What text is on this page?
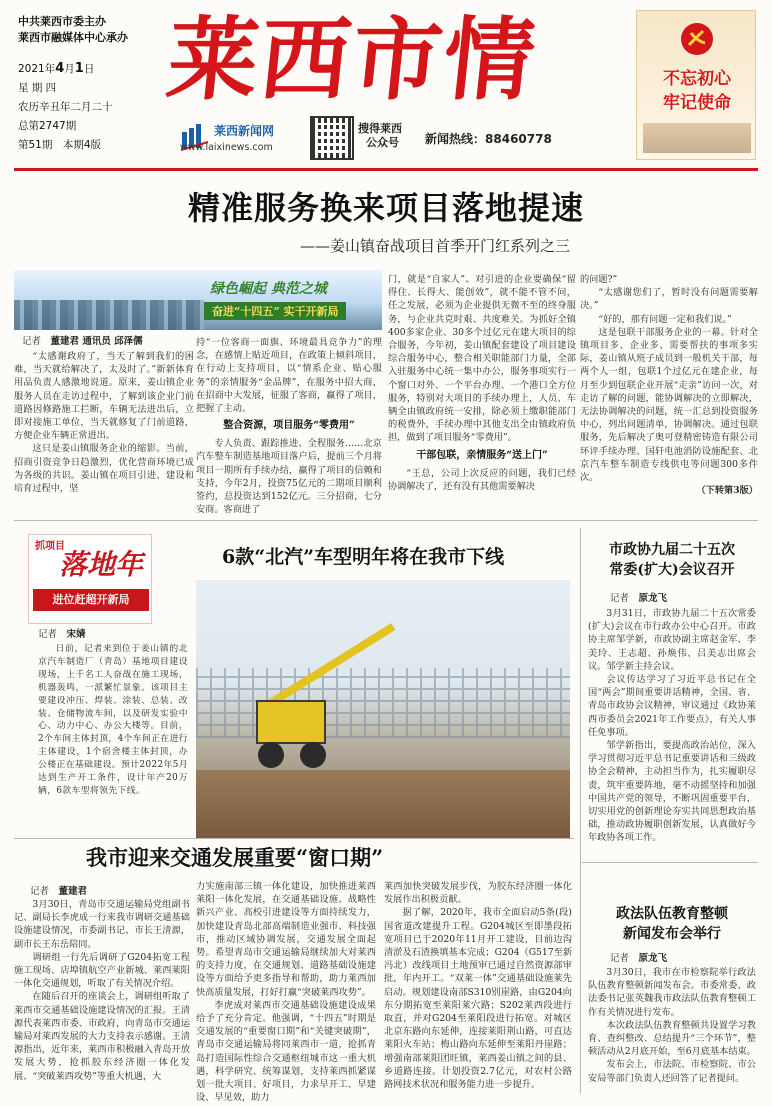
中共莱西市委主办
莱西市融媒体中心承办
2021年4月1日
星 期 四
农历辛丑年二月二十
总第2747期
第51期　本期4版
莱西市情
莱西新闻网
www.laixinews.com
搜得莱西
公众号 新闻热线：88460778
不忘初心
牢记使命
精准服务换来项目落地提速
——姜山镇奋战项目首季开门红系列之三
绿色崛起 典范之城
奋进“十四五” 实干开新局
记者　 董建君 通讯员 邱泽儒

“太感谢政府了，当天了解到我们的困难，当天就给解决了，太及时了。”新新体育用品负责人感激地说道。原来，姜山镇企业服务人员在走访过程中，了解到该企业门前道路因修路施工拦断，车辆无法进出后，立即对接施工单位，当天就修复了门前道路，方便企业车辆正常进出。

这只是姜山镇服务企业的缩影。当前，招商引资竞争日趋激烈，优化营商环境已成为各级的共识。姜山镇在项目引进、建设和培育过程中，坚

持“一位客商一面旗、环境最具竞争力”的理念，在感情上贴近项目，在政策上倾斜项目，在行动上支持项目，以“情系企业、贴心服务”的亲情服务“金品牌”，在服务中招大商，在招商中大发展，征服了客商，赢得了项目，把握了主动。

整合资源，项目服务“零费用”

专人负责、跟踪推进、全程服务……北京汽车整车制造基地项目落户后，提前三个月将项目一期所有手续办结，赢得了项目的信赖和支持，今年2月，投资75亿元的二期项目顺利签约，总投资达到152亿元。三分招商，七分安商。客商进了

门，就是“自家人”。对引进的企业要确保“留得住、长得大、能创效”，就不能不管不问，任之发展，必须为企业提供无微不至的终身服务，与企业共克时艰、共度难关。为抓好全镇400多家企业、30多个过亿元在建大项目的综合服务，今年初，姜山镇配套建设了项目建设综合服务中心，整合相关职能部门力量，全部入驻服务中心统一集中办公，服务事项实行一个窗口对外、一个平台办理、一个港口全方位服务，特别对大项目的手续办理上，人员、车辆全由镇政府统一安排，除必须上缴职能部门的税费外，手续办理中其他支出全由镇政府负担，做到了项目服务“零费用”。

干部包联，亲情服务“送上门”

“王总，公司上次反应的问题，我们已经协调解决了，还有没有其他需要解决

的问题?”

“太感谢您们了，暂时没有问题需要解决。”

“好的，那有问题一定和我们说。”

这是包联干部服务企业的一幕。针对全镇项目多、企业多、需要帮扶的事项多实际，姜山镇从班子成员到一般机关干部，每两个人一组，包联1个过亿元在建企业，每月至少到包联企业开展“走亲”访问一次，对走访了解的问题，能协调解决的立即解决，无法协调解决的问题，统一汇总到投资服务中心，列出问题清单，协调解决。通过包联服务，先后解决了奥可登精密铸造有限公司环评手续办理、国轩电池消防设施配套、北京汽车整车制造专线供电等问题300多件次。

（下转第3版）
抓项目
落地年
进位赶超开新局
6款“北汽”车型明年将在我市下线
记者　 宋婧

日前，记者来到位于姜山镇的北京汽车制造厂（青岛）基地项目建设现场，上千名工人奋战在施工现场，机器轰鸣，一派繁忙景象。该项目主要建设冲压、焊装、涂装、总装、改装、仓储物流车间，以及研发实验中心、动力中心、办公大楼等。目前，2个车间主体封顶，4个车间正在进行主体建设，1个宿舍楼主体封顶，办公楼正在基础建设。预计2022年5月达到生产开工条件，设计年产20万辆，6款车型将领先下线。

市政协九届二十五次
常委(扩大)会议召开
记者　 原龙飞

3月31日，市政协九届二十五次常委(扩大)会议在市行政办公中心召开。市政协主席邹学新，市政协副主席赵金军、李美玲、王志超、孙焕伟、吕美志出席会议。邹学新主持会议。

会议传达学习了习近平总书记在全国“两会”期间重要讲话精神，全国、省、青岛市政协会议精神，审议通过《政协莱西市委员会2021年工作要点》，有关人事任免事项。

邹学新指出，要提高政治站位，深入学习贯彻习近平总书记重要讲话和三级政协全会精神，主动担当作为，扎实履职尽责，筑牢重要阵地，毫不动摇坚持和加强中国共产党的领导，不断巩固重要平台，切实用党的创新理论夯实共同思想政治基础，推动政协履职创新发展，认真做好今年政协各项工作。

我市迎来交通发展重要“窗口期”
记者　 董建君

3月30日，青岛市交通运输局党组副书记、副局长李虎成一行来我市调研交通基础设施建设情况，市委副书记、市长王清源，副市长王东岳陪同。

调研组一行先后调研了G204拓宽工程施工现场、店埠镇航空产业新城、莱西莱阳一体化交通规划，听取了有关情况介绍。

在随后召开的座谈会上，调研组听取了莱西市交通基础设施建设情况的汇报。王清源代表莱西市委、市政府，向青岛市交通运输局对莱西发展的大力支持表示感谢。王清源指出，近年来，莱西市积极融入青岛开放发展大势，抢抓胶东经济圈一体化发展、“突破莱西攻势”等重大机遇，大

力实施南部三镇一体化建设，加快推进莱西莱阳一体化发展，在交通基础设施、战略性新兴产业、高校引进建设等方面持续发力，加快建设青岛北部高端制造业强市、科技强市，推动区域协调发展，交通发展全面起势。希望青岛市交通运输局继续加大对莱西的支持力度，在交通规划、道路基础设施建设等方面给予更多指导和帮助，助力莱西加快高质量发展，打好打赢“突破莱西攻势”。

李虎成对莱西市交通基础设施建设成果给予了充分肯定。他强调，“十四五”时期是交通发展的“重要窗口期”和“关键突破期”，青岛市交通运输局将同莱西市一道，抢抓青岛打造国际性综合交通枢纽城市这一重大机遇，科学研究、统筹谋划，支持莱西抓紧谋划一批大项目、好项目，力求早开工、早建设、早见效，助力

莱西加快突破发展步伐，为胶东经济圈一体化发展作出积极贡献。

据了解，2020年，我市全面启动5条(段)国省道改建提升工程。G204城区至即墨段拓宽项目已于2020年11月开工建设，目前边沟清淤及石渣换填基本完成；G204（G517至新冯北）改线项目土地预审已通过自然资源部审批，年内开工。“双莱一体”交通基础设施莱先启动。规划建设南部S310别崖路，由G204向东分期拓宽至莱阳莱穴路；S202莱西段进行取直，并对G204至莱阳段进行拓宽。对城区北京东路向东延伸，连接莱阳荆山路，可直达莱阳火车站；梅山路向东延伸至莱阳丹崖路；增强南部莱阳团旺镇，莱西姜山镇之间的县、乡道路连接。计划投资2.7亿元，对农村公路路网技术状况和服务能力进一步提升。

政法队伍教育整顿
新闻发布会举行
记者　 原龙飞

3月30日，我市在市检察院举行政法队伍教育整顿新闻发布会。市委常委、政法委书记张英魏我市政法队伍教育整顿工作有关情况进行发布。

本次政法队伍教育整顿共设置学习教育、查纠整改、总结提升“三个环节”，整顿活动从2月底开始，至6月底基本结束。

发布会上，市法院、市检察院、市公安局等部门负责人还回答了记者提问。
